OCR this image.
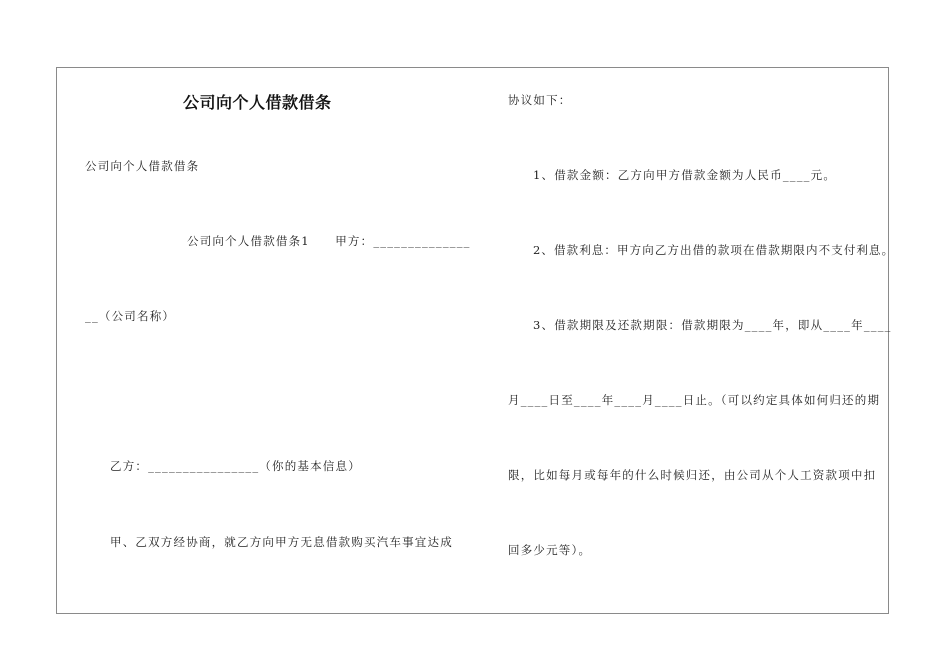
公司向个人借款借条
公司向个人借款借条
公司向个人借款借条1　　甲方：______________
__（公司名称）
乙方：________________（你的基本信息）
甲、乙双方经协商，就乙方向甲方无息借款购买汽车事宜达成
协议如下：
1、借款金额：乙方向甲方借款金额为人民币____元。
2、借款利息：甲方向乙方出借的款项在借款期限内不支付利息。
3、借款期限及还款期限：借款期限为____年，即从____年____
月____日至____年____月____日止。（可以约定具体如何归还的期
限，比如每月或每年的什么时候归还，由公司从个人工资款项中扣
回多少元等）。
